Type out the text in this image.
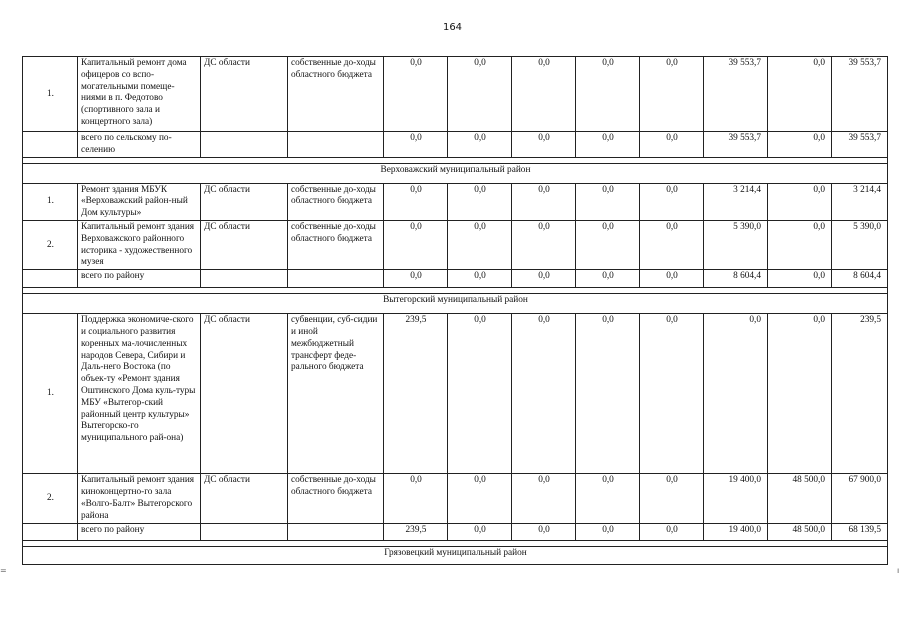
164
1.	Капитальный ремонт дома офицеров со вспо-могательными помеще-ниями в п. Федотово (спортивного зала и концертного зала)	ДС области	собственные до-ходы областного бюджета	0,0	0,0	0,0	0,0	0,0	39 553,7	0,0	39 553,7
	всего по сельскому по-селению			0,0	0,0	0,0	0,0	0,0	39 553,7	0,0	39 553,7

Верховажский муниципальный район											
1.	Ремонт здания МБУК «Верховажский район-ный Дом культуры»	ДС области	собственные до-ходы областного бюджета	0,0	0,0	0,0	0,0	0,0	3 214,4	0,0	3 214,4
2.	Капитальный ремонт здания Верховажского районного историка - художественного музея	ДС области	собственные до-ходы областного бюджета	0,0	0,0	0,0	0,0	0,0	5 390,0	0,0	5 390,0
	всего по району			0,0	0,0	0,0	0,0	0,0	8 604,4	0,0	8 604,4

Вытегорский муниципальный район											
1.	Поддержка экономиче-ского и социального развития коренных ма-лочисленных народов Севера, Сибири и Даль-него Востока (по объек-ту «Ремонт здания Оштинского Дома куль-туры МБУ «Вытегор-ский районный центр культуры» Вытегорско-го муниципального рай-она)	ДС области	субвенции, суб-сидии и иной межбюджетный трансферт феде-рального бюджета	239,5	0,0	0,0	0,0	0,0	0,0	0,0	239,5
2.	Капитальный ремонт здания киноконцертно-го зала «Волго-Балт» Вытегорского района	ДС области	собственные до-ходы областного бюджета	0,0	0,0	0,0	0,0	0,0	19 400,0	48 500,0	67 900,0
	всего по району			239,5	0,0	0,0	0,0	0,0	19 400,0	48 500,0	68 139,5

Грязовецкий муниципальный район											
=	ı
